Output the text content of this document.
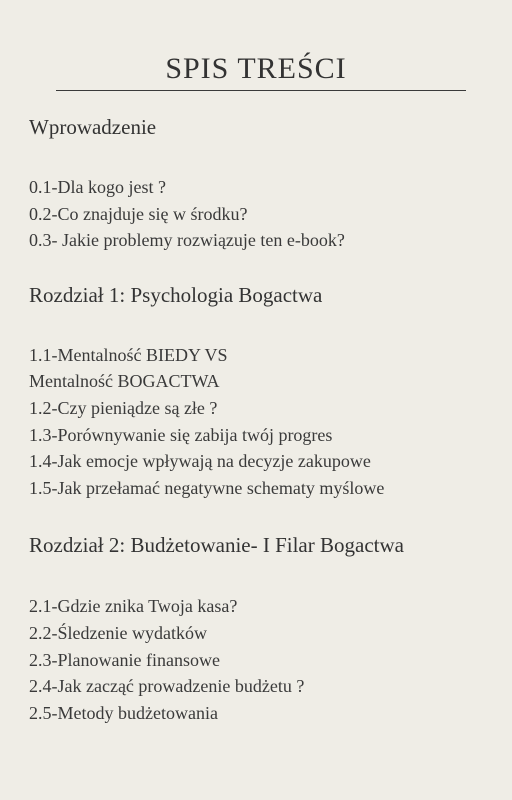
SPIS TREŚCI
Wprowadzenie
0.1-Dla kogo jest ?
0.2-Co znajduje się w środku?
0.3- Jakie problemy rozwiązuje ten e-book?
Rozdział 1: Psychologia Bogactwa
1.1-Mentalność BIEDY VS
Mentalność BOGACTWA
1.2-Czy pieniądze są złe ?
1.3-Porównywanie się zabija twój progres
1.4-Jak emocje wpływają na decyzje zakupowe
1.5-Jak przełamać negatywne schematy myślowe
Rozdział 2: Budżetowanie- I Filar Bogactwa
2.1-Gdzie znika Twoja kasa?
2.2-Śledzenie wydatków
2.3-Planowanie finansowe
2.4-Jak zacząć prowadzenie budżetu ?
2.5-Metody budżetowania
